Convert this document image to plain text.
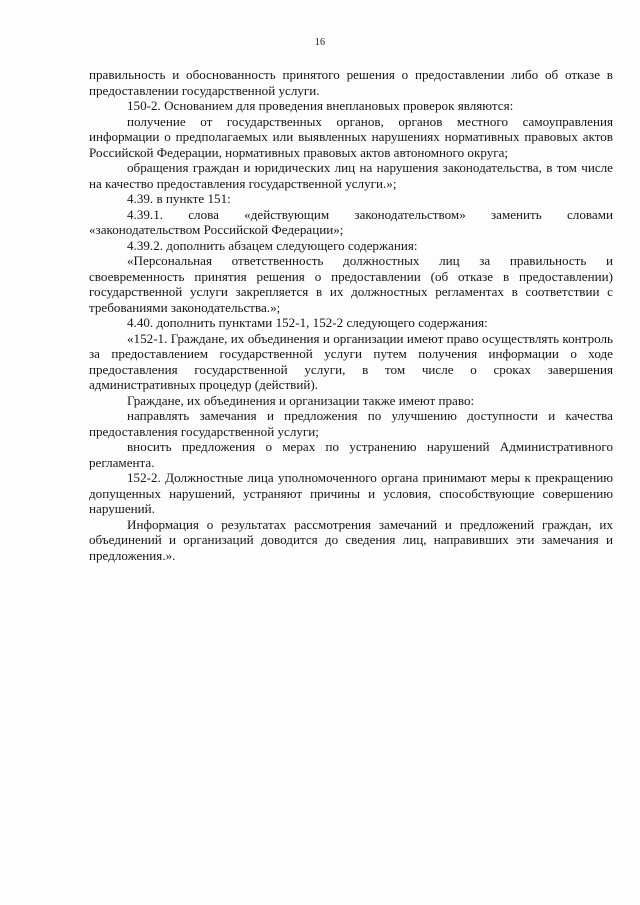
16

правильность и обоснованность принятого решения о предоставлении либо об отказе в предоставлении государственной услуги.

150-2. Основанием для проведения внеплановых проверок являются:

получение от государственных органов, органов местного самоуправления информации о предполагаемых или выявленных нарушениях нормативных правовых актов Российской Федерации, нормативных правовых актов автономного округа;

обращения граждан и юридических лиц на нарушения законодательства, в том числе на качество предоставления государственной услуги.»;

4.39. в пункте 151:

4.39.1. слова «действующим законодательством» заменить словами «законодательством Российской Федерации»;

4.39.2. дополнить абзацем следующего содержания:

«Персональная ответственность должностных лиц за правильность и своевременность принятия решения о предоставлении (об отказе в предоставлении) государственной услуги закрепляется в их должностных регламентах в соответствии с требованиями законодательства.»;

4.40. дополнить пунктами 152-1, 152-2 следующего содержания:

«152-1. Граждане, их объединения и организации имеют право осуществлять контроль за предоставлением государственной услуги путем получения информации о ходе предоставления государственной услуги, в том числе о сроках завершения административных процедур (действий).

Граждане, их объединения и организации также имеют право:

направлять замечания и предложения по улучшению доступности и качества предоставления государственной услуги;

вносить предложения о мерах по устранению нарушений Административного регламента.

152-2. Должностные лица уполномоченного органа принимают меры к прекращению допущенных нарушений, устраняют причины и условия, способствующие совершению нарушений.

Информация о результатах рассмотрения замечаний и предложений граждан, их объединений и организаций доводится до сведения лиц, направивших эти замечания и предложения.».
